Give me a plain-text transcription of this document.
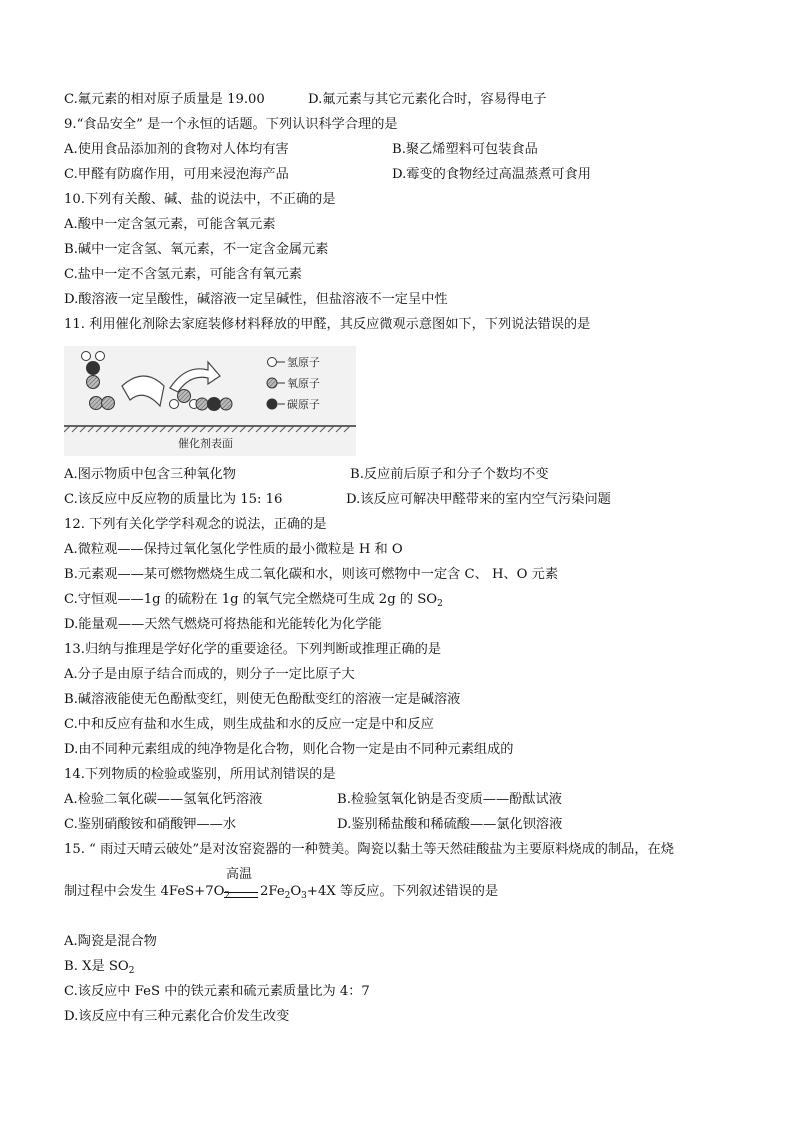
C.氟元素的相对原子质量是 19.00	D.氟元素与其它元素化合时，容易得电子
9.“食品安全” 是一个永恒的话题。下列认识科学合理的是
A.使用食品添加剂的食物对人体均有害	B.聚乙烯塑料可包装食品
C.甲醛有防腐作用，可用来浸泡海产品	D.霉变的食物经过高温蒸煮可食用
10.下列有关酸、碱、盐的说法中，不正确的是
A.酸中一定含氢元素，可能含氧元素
B.碱中一定含氢、氧元素，不一定含金属元素
C.盐中一定不含氢元素，可能含有氧元素
D.酸溶液一定呈酸性，碱溶液一定呈碱性，但盐溶液不一定呈中性
11. 利用催化剂除去家庭装修材料释放的甲醛，其反应微观示意图如下，下列说法错误的是
氢原子
氧原子
碳原子
催化剂表面
A.图示物质中包含三种氧化物	B.反应前后原子和分子个数均不变
C.该反应中反应物的质量比为 15: 16	D.该反应可解决甲醛带来的室内空气污染问题
12. 下列有关化学学科观念的说法，正确的是
A.微粒观——保持过氧化氢化学性质的最小微粒是 H 和 O
B.元素观——某可燃物燃烧生成二氧化碳和水，则该可燃物中一定含 C、 H、O 元素
C.守恒观——1g 的硫粉在 1g 的氧气完全燃烧可生成 2g 的 $SO_2$
D.能量观——天然气燃烧可将热能和光能转化为化学能
13.归纳与推理是学好化学的重要途径。下列判断或推理正确的是
A.分子是由原子结合而成的，则分子一定比原子大
B.碱溶液能使无色酚酞变红，则使无色酚酞变红的溶液一定是碱溶液
C.中和反应有盐和水生成，则生成盐和水的反应一定是中和反应
D.由不同种元素组成的纯净物是化合物，则化合物一定是由不同种元素组成的
14.下列物质的检验或鉴别，所用试剂错误的是
A.检验二氧化碳——氢氧化钙溶液	B.检验氢氧化钠是否变质——酚酞试液
C.鉴别硝酸铵和硝酸钾——水	D.鉴别稀盐酸和稀硫酸——氯化钡溶液
15. “ 雨过天晴云破处”是对汝窑瓷器的一种赞美。陶瓷以黏土等天然硅酸盐为主要原料烧成的制品，在烧
高温
制过程中会发生 $4FeS+7O_2$ $2Fe_2O_3+4X$ 等反应。下列叙述错误的是
A.陶瓷是混合物
B. X是 $SO_2$
C.该反应中 FeS 中的铁元素和硫元素质量比为 4：7
D.该反应中有三种元素化合价发生改变
